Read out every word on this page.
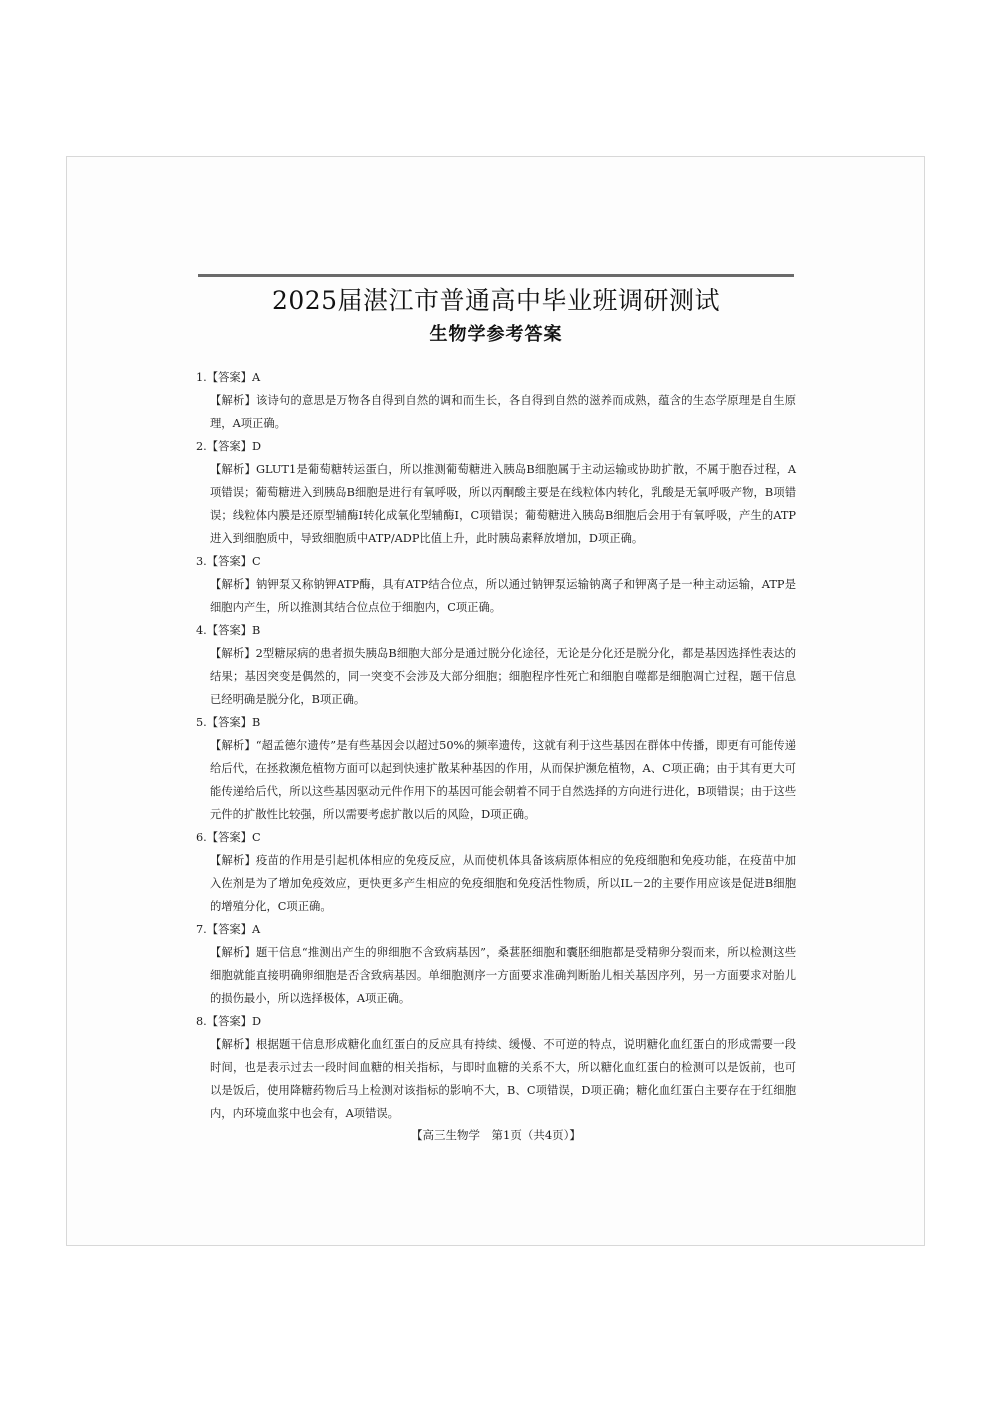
2025届湛江市普通高中毕业班调研测试
生物学参考答案
1.【答案】A
【解析】该诗句的意思是万物各自得到自然的调和而生长，各自得到自然的滋养而成熟，蕴含的生态学原理是自生原理，A项正确。
2.【答案】D
【解析】GLUT1是葡萄糖转运蛋白，所以推测葡萄糖进入胰岛B细胞属于主动运输或协助扩散，不属于胞吞过程，A项错误；葡萄糖进入到胰岛B细胞是进行有氧呼吸，所以丙酮酸主要是在线粒体内转化，乳酸是无氧呼吸产物，B项错误；线粒体内膜是还原型辅酶Ⅰ转化成氧化型辅酶Ⅰ，C项错误；葡萄糖进入胰岛B细胞后会用于有氧呼吸，产生的ATP进入到细胞质中，导致细胞质中ATP/ADP比值上升，此时胰岛素释放增加，D项正确。
3.【答案】C
【解析】钠钾泵又称钠钾ATP酶，具有ATP结合位点，所以通过钠钾泵运输钠离子和钾离子是一种主动运输，ATP是细胞内产生，所以推测其结合位点位于细胞内，C项正确。
4.【答案】B
【解析】2型糖尿病的患者损失胰岛B细胞大部分是通过脱分化途径，无论是分化还是脱分化，都是基因选择性表达的结果；基因突变是偶然的，同一突变不会涉及大部分细胞；细胞程序性死亡和细胞自噬都是细胞凋亡过程，题干信息已经明确是脱分化，B项正确。
5.【答案】B
【解析】“超孟德尔遗传”是有些基因会以超过50%的频率遗传，这就有利于这些基因在群体中传播，即更有可能传递给后代，在拯救濒危植物方面可以起到快速扩散某种基因的作用，从而保护濒危植物，A、C项正确；由于其有更大可能传递给后代，所以这些基因驱动元件作用下的基因可能会朝着不同于自然选择的方向进行进化，B项错误；由于这些元件的扩散性比较强，所以需要考虑扩散以后的风险，D项正确。
6.【答案】C
【解析】疫苗的作用是引起机体相应的免疫反应，从而使机体具备该病原体相应的免疫细胞和免疫功能，在疫苗中加入佐剂是为了增加免疫效应，更快更多产生相应的免疫细胞和免疫活性物质，所以IL－2的主要作用应该是促进B细胞的增殖分化，C项正确。
7.【答案】A
【解析】题干信息“推测出产生的卵细胞不含致病基因”，桑葚胚细胞和囊胚细胞都是受精卵分裂而来，所以检测这些细胞就能直接明确卵细胞是否含致病基因。单细胞测序一方面要求准确判断胎儿相关基因序列，另一方面要求对胎儿的损伤最小，所以选择极体，A项正确。
8.【答案】D
【解析】根据题干信息形成糖化血红蛋白的反应具有持续、缓慢、不可逆的特点，说明糖化血红蛋白的形成需要一段时间，也是表示过去一段时间血糖的相关指标，与即时血糖的关系不大，所以糖化血红蛋白的检测可以是饭前，也可以是饭后，使用降糖药物后马上检测对该指标的影响不大，B、C项错误，D项正确；糖化血红蛋白主要存在于红细胞内，内环境血浆中也会有，A项错误。
【高三生物学　第1页（共4页）】
